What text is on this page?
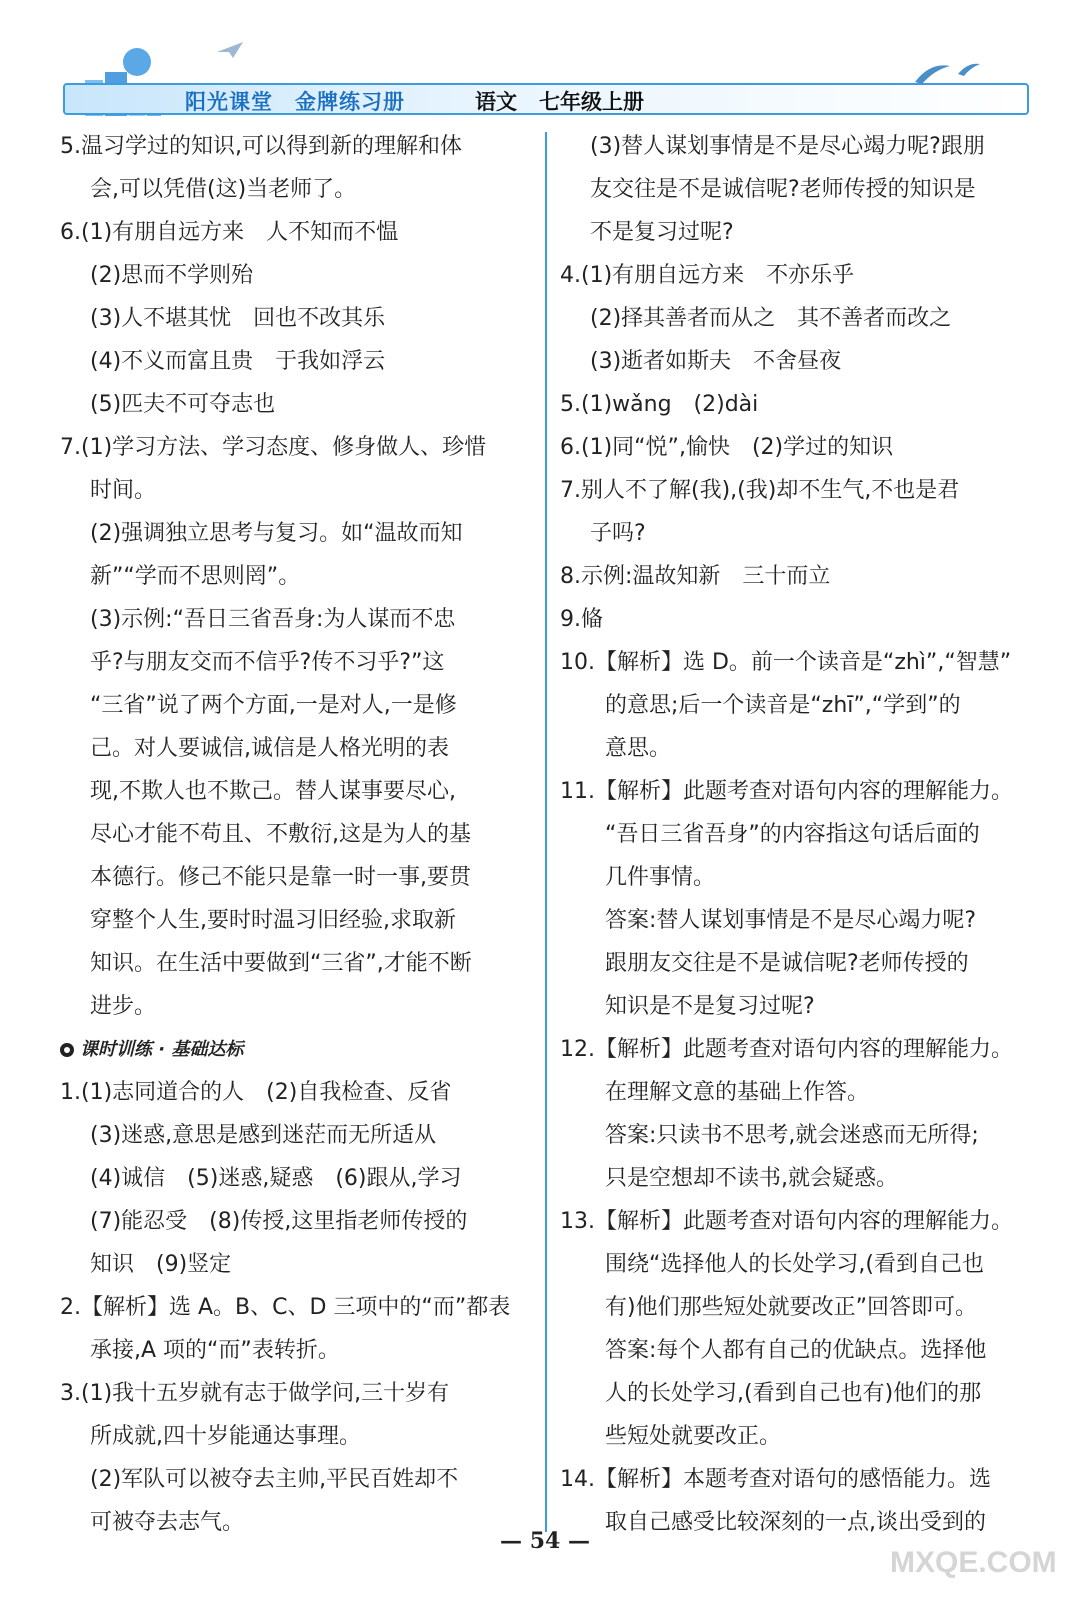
阳光课堂 金牌练习册	语文 七年级上册
5.温习学过的知识,可以得到新的理解和体
会,可以凭借(这)当老师了。
6.(1)有朋自远方来　人不知而不愠
(2)思而不学则殆
(3)人不堪其忧　回也不改其乐
(4)不义而富且贵　于我如浮云
(5)匹夫不可夺志也
7.(1)学习方法、学习态度、修身做人、珍惜
时间。
(2)强调独立思考与复习。如“温故而知
新”“学而不思则罔”。
(3)示例:“吾日三省吾身:为人谋而不忠
乎?与朋友交而不信乎?传不习乎?”这
“三省”说了两个方面,一是对人,一是修
己。对人要诚信,诚信是人格光明的表
现,不欺人也不欺己。替人谋事要尽心,
尽心才能不苟且、不敷衍,这是为人的基
本德行。修己不能只是靠一时一事,要贯
穿整个人生,要时时温习旧经验,求取新
知识。在生活中要做到“三省”,才能不断
进步。
课时训练 · 基础达标
1.(1)志同道合的人　(2)自我检查、反省
(3)迷惑,意思是感到迷茫而无所适从
(4)诚信　(5)迷惑,疑惑　(6)跟从,学习
(7)能忍受　(8)传授,这里指老师传授的
知识　(9)竖定
2.【解析】选 A。B、C、D 三项中的“而”都表
承接,A 项的“而”表转折。
3.(1)我十五岁就有志于做学问,三十岁有
所成就,四十岁能通达事理。
(2)军队可以被夺去主帅,平民百姓却不
可被夺去志气。
(3)替人谋划事情是不是尽心竭力呢?跟朋
友交往是不是诚信呢?老师传授的知识是
不是复习过呢?
4.(1)有朋自远方来　不亦乐乎
(2)择其善者而从之　其不善者而改之
(3)逝者如斯夫　不舍昼夜
5.(1)wǎng　(2)dài
6.(1)同“悦”,愉快　(2)学过的知识
7.别人不了解(我),(我)却不生气,不也是君
子吗?
8.示例:温故知新　三十而立
9.偹
10.【解析】选 D。前一个读音是“zhì”,“智慧”
的意思;后一个读音是“zhī”,“学到”的
意思。
11.【解析】此题考查对语句内容的理解能力。
“吾日三省吾身”的内容指这句话后面的
几件事情。
答案:替人谋划事情是不是尽心竭力呢?
跟朋友交往是不是诚信呢?老师传授的
知识是不是复习过呢?
12.【解析】此题考查对语句内容的理解能力。
在理解文意的基础上作答。
答案:只读书不思考,就会迷惑而无所得;
只是空想却不读书,就会疑惑。
13.【解析】此题考查对语句内容的理解能力。
围绕“选择他人的长处学习,(看到自己也
有)他们那些短处就要改正”回答即可。
答案:每个人都有自己的优缺点。选择他
人的长处学习,(看到自己也有)他们的那
些短处就要改正。
14.【解析】本题考查对语句的感悟能力。选
取自己感受比较深刻的一点,谈出受到的
— 54 —
MXQE.COM
